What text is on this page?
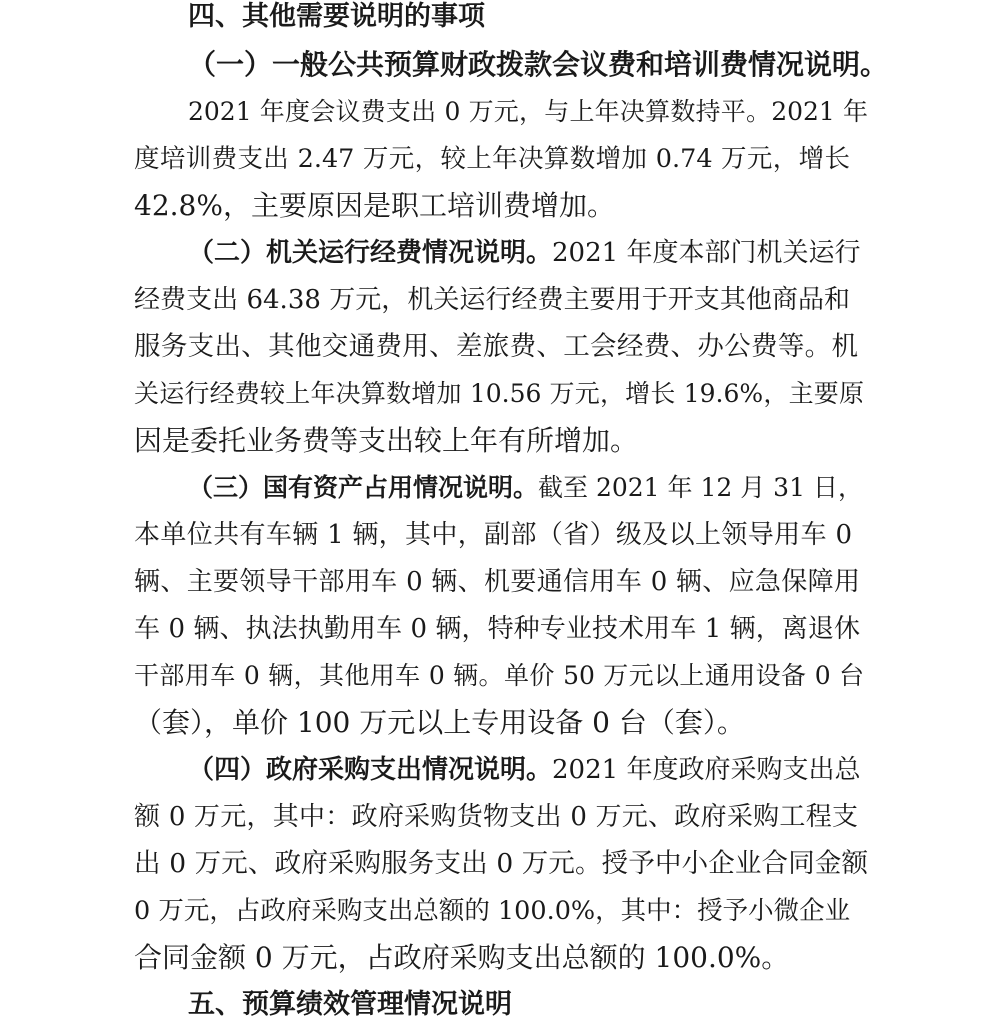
四、其他需要说明的事项
（一）一般公共预算财政拨款会议费和培训费情况说明。
2021 年度会议费支出 0 万元，与上年决算数持平。2021 年
度培训费支出 2.47 万元，较上年决算数增加 0.74 万元，增长
42.8%，主要原因是职工培训费增加。
（二）机关运行经费情况说明。2021 年度本部门机关运行
经费支出 64.38 万元，机关运行经费主要用于开支其他商品和
服务支出、其他交通费用、差旅费、工会经费、办公费等。机
关运行经费较上年决算数增加 10.56 万元，增长 19.6%，主要原
因是委托业务费等支出较上年有所增加。
（三）国有资产占用情况说明。截至 2021 年 12 月 31 日，
本单位共有车辆 1 辆，其中，副部（省）级及以上领导用车 0
辆、主要领导干部用车 0 辆、机要通信用车 0 辆、应急保障用
车 0 辆、执法执勤用车 0 辆，特种专业技术用车 1 辆，离退休
干部用车 0 辆，其他用车 0 辆。单价 50 万元以上通用设备 0 台
（套），单价 100 万元以上专用设备 0 台（套）。
（四）政府采购支出情况说明。2021 年度政府采购支出总
额 0 万元，其中：政府采购货物支出 0 万元、政府采购工程支
出 0 万元、政府采购服务支出 0 万元。授予中小企业合同金额
0 万元，占政府采购支出总额的 100.0%，其中：授予小微企业
合同金额 0 万元，占政府采购支出总额的 100.0%。
五、预算绩效管理情况说明
